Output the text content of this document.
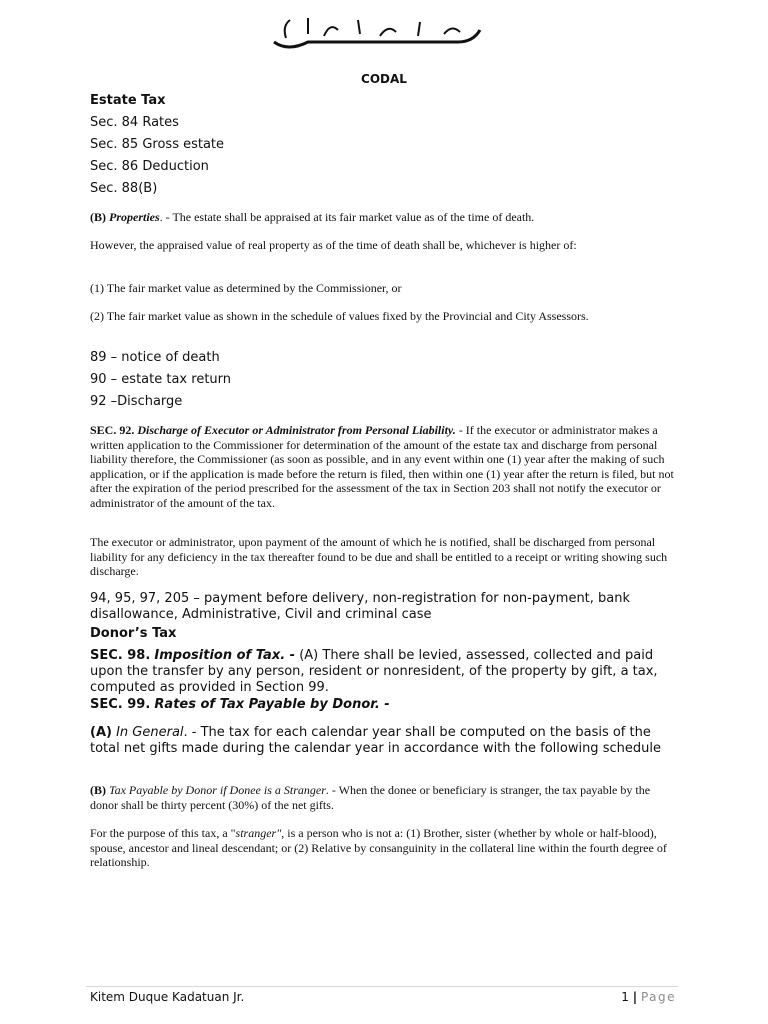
CODAL
Estate Tax
Sec. 84 Rates
Sec. 85 Gross estate
Sec. 86 Deduction
Sec. 88(B)
(B) Properties. - The estate shall be appraised at its fair market value as of the time of death.
However, the appraised value of real property as of the time of death shall be, whichever is higher of:
(1) The fair market value as determined by the Commissioner, or
(2) The fair market value as shown in the schedule of values fixed by the Provincial and City Assessors.
89 – notice of death
90 – estate tax return
92 –Discharge
SEC. 92. Discharge of Executor or Administrator from Personal Liability. - If the executor or administrator makes a written application to the Commissioner for determination of the amount of the estate tax and discharge from personal liability therefore, the Commissioner (as soon as possible, and in any event within one (1) year after the making of such application, or if the application is made before the return is filed, then within one (1) year after the return is filed, but not after the expiration of the period prescribed for the assessment of the tax in Section 203 shall not notify the executor or administrator of the amount of the tax.
The executor or administrator, upon payment of the amount of which he is notified, shall be discharged from personal liability for any deficiency in the tax thereafter found to be due and shall be entitled to a receipt or writing showing such discharge.
94, 95, 97, 205 – payment before delivery, non-registration for non-payment, bank disallowance, Administrative, Civil and criminal case
Donor’s Tax
SEC. 98. Imposition of Tax. - (A) There shall be levied, assessed, collected and paid upon the transfer by any person, resident or nonresident, of the property by gift, a tax, computed as provided in Section 99.
SEC. 99. Rates of Tax Payable by Donor. -
(A) In General. - The tax for each calendar year shall be computed on the basis of the total net gifts made during the calendar year in accordance with the following schedule
(B) Tax Payable by Donor if Donee is a Stranger. - When the donee or beneficiary is stranger, the tax payable by the donor shall be thirty percent (30%) of the net gifts.
For the purpose of this tax, a "stranger", is a person who is not a: (1) Brother, sister (whether by whole or half-blood), spouse, ancestor and lineal descendant; or (2) Relative by consanguinity in the collateral line within the fourth degree of relationship.
Kitem Duque Kadatuan Jr.	1 | Page
